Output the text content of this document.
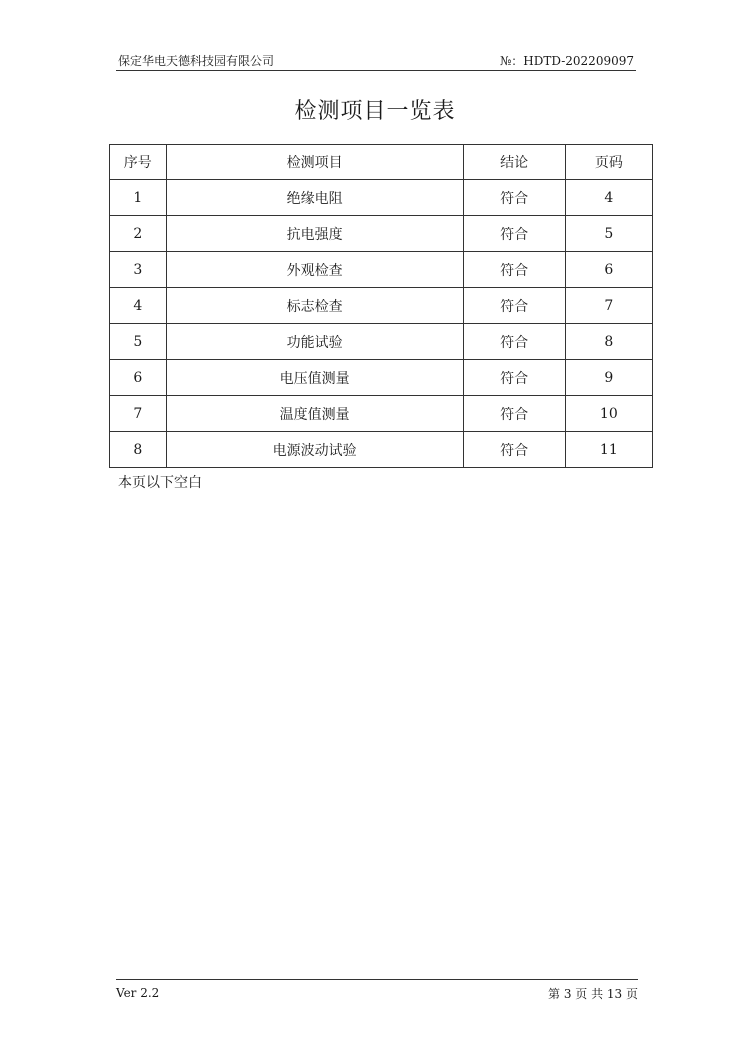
保定华电天德科技园有限公司	№：HDTD-202209097
检测项目一览表
序号	检测项目	结论	页码
1	绝缘电阻	符合	4
2	抗电强度	符合	5
3	外观检查	符合	6
4	标志检查	符合	7
5	功能试验	符合	8
6	电压值测量	符合	9
7	温度值测量	符合	10
8	电源波动试验	符合	11
本页以下空白
Ver 2.2	第 3 页 共 13 页
